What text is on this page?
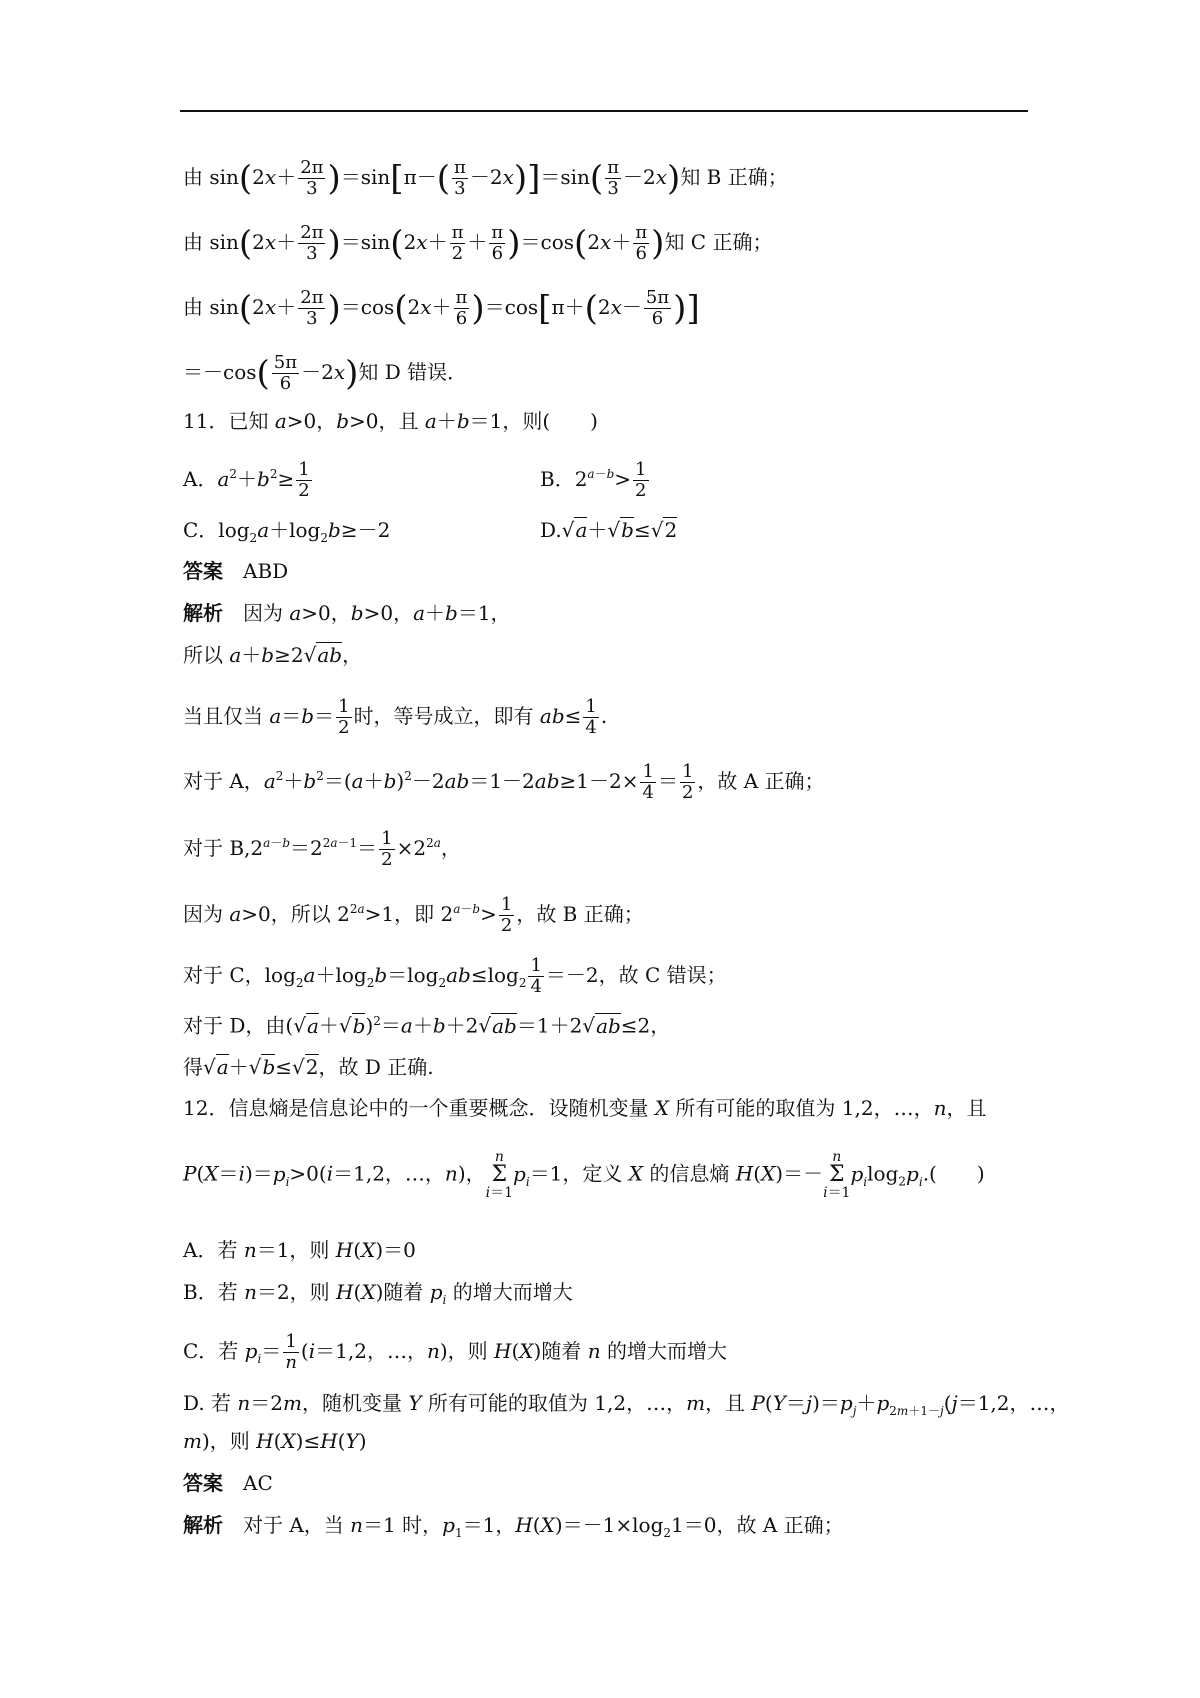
由 $\sin(2x+ \frac{2\pi}{3} )=\sin[\pi-( \frac{\pi}{3} -2x)]=\sin( \frac{\pi}{3} -2x)$知 B 正确；
由 $\sin(2x+ \frac{2\pi}{3} )=\sin(2x+ \frac{\pi}{2} + \frac{\pi}{6} )=\cos(2x+ \frac{\pi}{6}$ )知 C 正确；
由 $\sin(2x+ \frac{2\pi}{3} )=\cos(2x+ \frac{\pi}{6} )=\cos[\pi+(2x- \frac{5\pi}{6}$ )]
$=-\cos( \frac{5\pi}{6} -2x)$知 D 错误．
11．已知 a>0，b>0，且 a＋b＝1，则(　　)
A．$a^2+b^2\ge \frac{1}{2}$	B．$2^{a-b}> \frac{1}{2}$
C．$\log_2a+\log_2b\ge-2$	D.√a＋√b≤√2
答案 ABD
解析 因为 a>0，b>0，a＋b＝1，
所以 a＋b≥2√ab，
当且仅当 $a=b= \frac{1}{2}$ 时，等号成立，即有 $ab\le \frac{1}{4}$ .
对于 A，$a^2+b^2=(a+b)^2-2ab=1-2ab\ge 1-2\times \frac{1}{4} = \frac{1}{2}$ ，故 A 正确；
对于 $B,2^{a-b}=2^{2a-1}= \frac{1}{2} \times 2^{2a}$，
因为 a>0，所以 $2^{2a}>1$，即 $2^{a-b}> \frac{1}{2}$ ，故 B 正确；
对于 C，$\log_2a+\log_2b=\log_2ab\le\log_2 \frac{1}{4} =-2$，故 C 错误；
对于 D，由$(√a+√b)^2=a+b+2√ab=1+2√ab\le 2$，
得√a＋√b≤√2，故 D 正确.
12．信息熵是信息论中的一个重要概念．设随机变量 X 所有可能的取值为 1,2，…，n，且
$P(X=i)=p_i>0(i=1,2$，…，n)，n
Σ
$i=1p_i=1$，定义 X 的信息熵 H(X)＝－n
Σ
$i=1p_i\log_2p_i$.(　　)
A．若 n＝1，则 H(X)＝0
B．若 n＝2，则 H(X)随着 $p_i$ 的增大而增大
C．若 $p_i= \frac{1}{n} (i=1,2$，…，n)，则 H(X)随着 n 的增大而增大
D. 若 n＝2m，随机变量 Y 所有可能的取值为 1,2，…，m，且 $P(Y=j)=p_j+p_{2m+1-j}(j=1,2$，…，
m)，则 H(X)≤H(Y)
答案 AC
解析 对于 A，当 n＝1 时，$p_1=1$，$H(X)=-1\times\log_21=0$，故 A 正确；
